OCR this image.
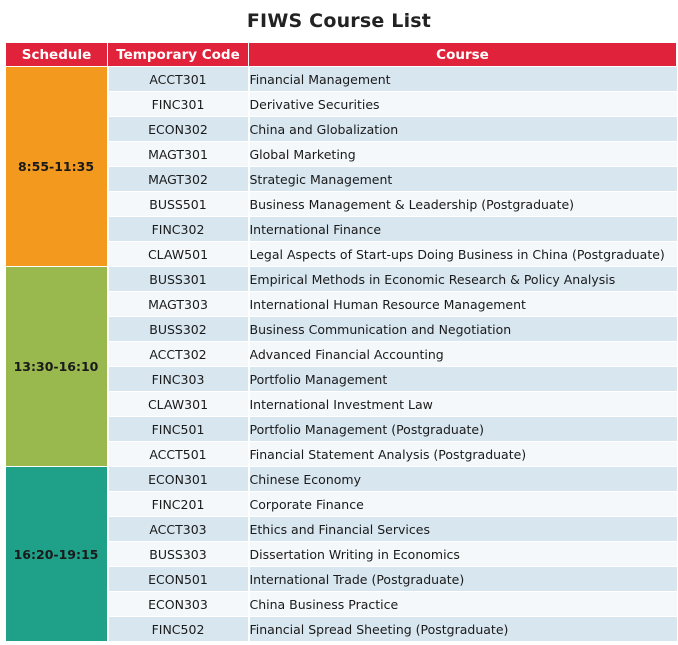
FIWS Course List
Schedule	Temporary Code	Course
8:55-11:35	ACCT301	Financial Management
	FINC301	Derivative Securities
	ECON302	China and Globalization
	MAGT301	Global Marketing
	MAGT302	Strategic Management
	BUSS501	Business Management & Leadership (Postgraduate)
	FINC302	International Finance
	CLAW501	Legal Aspects of Start-ups Doing Business in China (Postgraduate)
13:30-16:10	BUSS301	Empirical Methods in Economic Research & Policy Analysis
	MAGT303	International Human Resource Management
	BUSS302	Business Communication and Negotiation
	ACCT302	Advanced Financial Accounting
	FINC303	Portfolio Management
	CLAW301	International Investment Law
	FINC501	Portfolio Management (Postgraduate)
	ACCT501	Financial Statement Analysis (Postgraduate)
16:20-19:15	ECON301	Chinese Economy
	FINC201	Corporate Finance
	ACCT303	Ethics and Financial Services
	BUSS303	Dissertation Writing in Economics
	ECON501	International Trade (Postgraduate)
	ECON303	China Business Practice
	FINC502	Financial Spread Sheeting (Postgraduate)
